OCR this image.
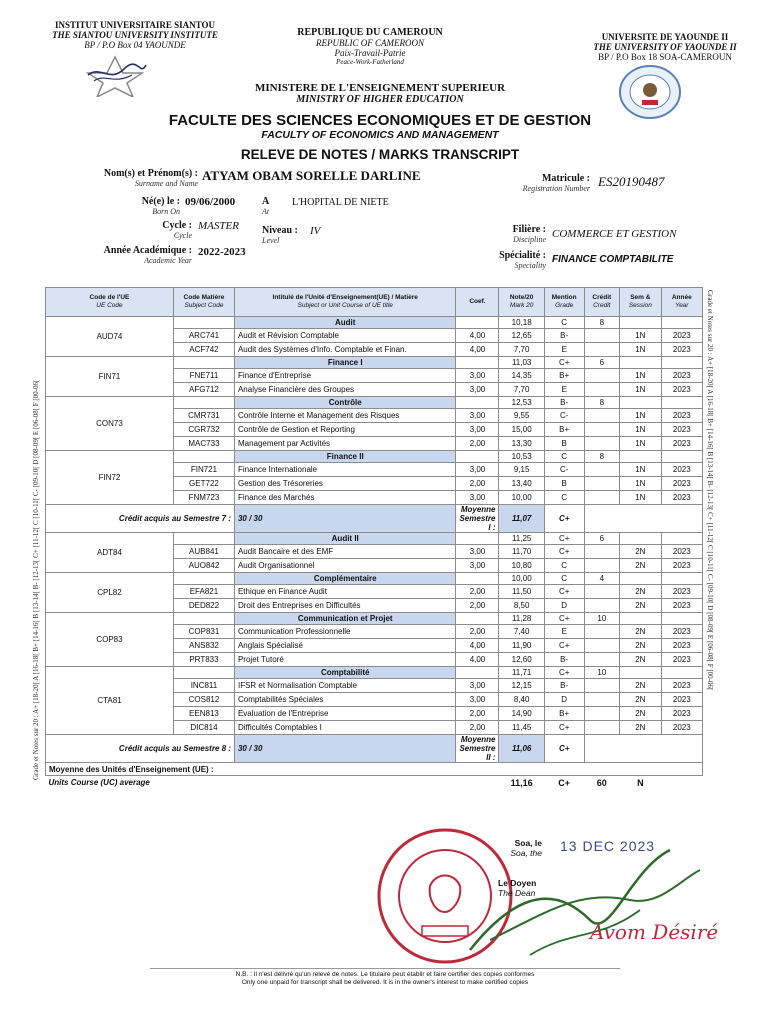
INSTITUT UNIVERSITAIRE SIANTOU
THE SIANTOU UNIVERSITY INSTITUTE
BP / P.O Box 04 YAOUNDE
REPUBLIQUE DU CAMEROUN
REPUBLIC OF CAMEROON
Paix-Travail-Patrie
Peace-Work-Fatherland
UNIVERSITE DE YAOUNDE II
THE UNIVERSITY OF YAOUNDE II
BP / P.O Box 18 SOA-CAMEROUN
MINISTERE DE L'ENSEIGNEMENT SUPERIEUR
MINISTRY OF HIGHER EDUCATION
FACULTE DES SCIENCES ECONOMIQUES ET DE GESTION
FACULTY OF ECONOMICS AND MANAGEMENT
RELEVE DE NOTES / MARKS TRANSCRIPT
Nom(s) et Prénom(s) :
Surname and Name
ATYAM OBAM SORELLE DARLINE	Matricule :
Registration Number ES20190487
Né(e) le :
Born On
09/06/2000	A
At
L'HOPITAL DE NIETE
Cycle :
Cycle
MASTER Niveau :
Level
IV
Année Académique :
Academic Year
2022-2023
Filière :
Discipline COMMERCE ET GESTION
Spécialité :
Speciality
FINANCE COMPTABILITE
Grade et Notes sur 20 : A+ [18-20[ A [16-18[ B+ [14-16[ B [13-14[ B- [12-13[ C+ [11-12[ C [10-11[ C- [09-10[ D [08-09[ E [06-08[ F [00-06[	Grade et Notes sur 20 : A+ [18-20[ A [16-18[ B+ [14-16[ B [13-14[ B- [12-13[ C+ [11-12[ C [10-11[ C- [09-10[ D [08-09[ E [06-08[ F [00-06[
Code de l'UE
UE Code	Code Matière
Subject Code	Intitulé de l'Unité d'Enseignement(UE) / Matière
Subject or Unit Course of UE title	Coef.	Note/20
Mark 20	Mention
Grade	Crédit
Credit	Sem &
Session	Année
Year

AUD74		Audit		10,18	C	8		
	ARC741	Audit et Révision Comptable	4,00	12,65	B-		1N	2023
	ACF742	Audit des Systèmes d'Info. Comptable et Finan.	4,00	7,70	E		1N	2023
FIN71		Finance I		11,03	C+	6		
	FNE711	Finance d'Entreprise	3,00	14,35	B+		1N	2023
	AFG712	Analyse Financière des Groupes	3,00	7,70	E		1N	2023
CON73		Contrôle		12,53	B-	8		
	CMR731	Contrôle Interne et Management des Risques	3,00	9,55	C-		1N	2023
	CGR732	Contrôle de Gestion et Reporting	3,00	15,00	B+		1N	2023
	MAC733	Management par Activités	2,00	13,30	B		1N	2023
FIN72		Finance II		10,53	C	8		
	FIN721	Finance Internationale	3,00	9,15	C-		1N	2023
	GET722	Gestion des Trésoreries	2,00	13,40	B		1N	2023
	FNM723	Finance des Marchés	3,00	10,00	C		1N	2023
Crédit acquis au Semestre 7 :		30 / 30	Moyenne Semestre I :	11,07	C+			
ADT84		Audit II		11,25	C+	6		
	AUB841	Audit Bancaire et des EMF	3,00	11,70	C+		2N	2023
	AUO842	Audit Organisationnel	3,00	10,80	C		2N	2023
CPL82		Complémentaire		10,00	C	4		
	EFA821	Ethique en Finance Audit	2,00	11,50	C+		2N	2023
	DED822	Droit des Entreprises en Difficultés	2,00	8,50	D		2N	2023
COP83		Communication et Projet		11,28	C+	10		
	COP831	Communication Professionnelle	2,00	7,40	E		2N	2023
	ANS832	Anglais Spécialisé	4,00	11,90	C+		2N	2023
	PRT833	Projet Tutoré	4,00	12,60	B-		2N	2023
CTA81		Comptabilité		11,71	C+	10		
	INC811	IFSR et Normalisation Comptable	3,00	12,15	B-		2N	2023
	COS812	Comptabilités Spéciales	3,00	8,40	D		2N	2023
	EEN813	Evaluation de l'Entreprise	2,00	14,90	B+		2N	2023
	DIC814	Difficultés Comptables I	2,00	11,45	C+		2N	2023
Crédit acquis au Semestre 8 :		30 / 30	Moyenne Semestre II :	11,06	C+			
Moyenne des Unités d'Enseignement (UE) :								
Units Course (UC) average				11,16	C+	60	N	
Soa, le
Soa, the 13 DEC 2023
Le Doyen
The Dean
Avom Désiré
N.B. : Il n'est délivré qu'un relevé de notes. Le titulaire peut établir et faire certifier des copies conformes
Only one unpaid for transcript shall be delivered. It is in the owner's interest to make certified copies
